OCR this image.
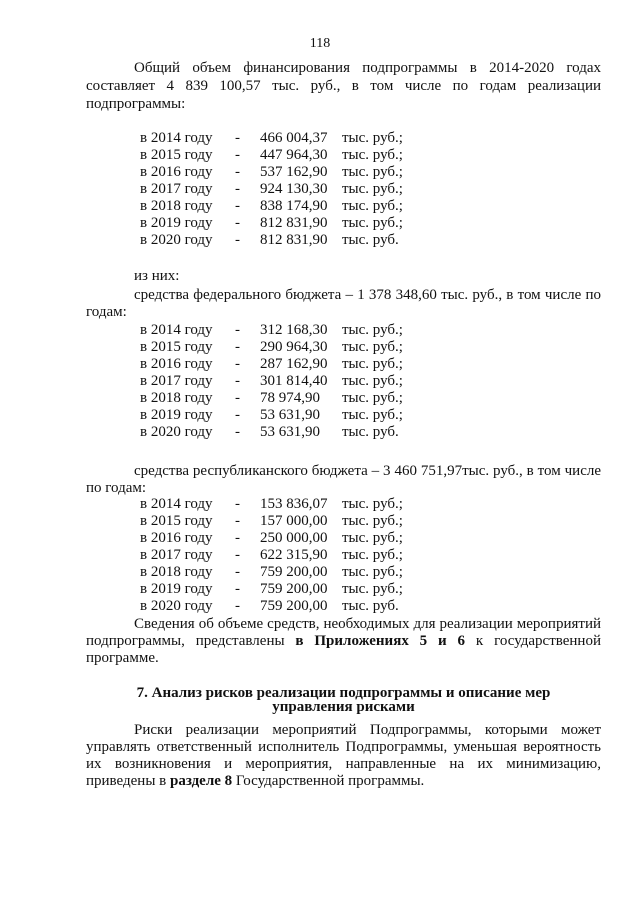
118
Общий объем финансирования подпрограммы в 2014-2020 годах
составляет 4 839 100,57 тыс. руб., в том числе по годам реализации
подпрограммы:
в 2014 году - 466 004,37 тыс. руб.;
в 2015 году - 447 964,30 тыс. руб.;
в 2016 году - 537 162,90 тыс. руб.;
в 2017 году - 924 130,30 тыс. руб.;
в 2018 году - 838 174,90 тыс. руб.;
в 2019 году - 812 831,90 тыс. руб.;
в 2020 году - 812 831,90 тыс. руб.
из них:
средства федерального бюджета – 1 378 348,60 тыс. руб., в том числе по
годам:
в 2014 году - 312 168,30 тыс. руб.;
в 2015 году - 290 964,30 тыс. руб.;
в 2016 году - 287 162,90 тыс. руб.;
в 2017 году - 301 814,40 тыс. руб.;
в 2018 году - 78 974,90 тыс. руб.;
в 2019 году - 53 631,90 тыс. руб.;
в 2020 году - 53 631,90 тыс. руб.
средства республиканского бюджета – 3 460 751,97тыс. руб., в том числе
по годам:
в 2014 году - 153 836,07 тыс. руб.;
в 2015 году - 157 000,00 тыс. руб.;
в 2016 году - 250 000,00 тыс. руб.;
в 2017 году - 622 315,90 тыс. руб.;
в 2018 году - 759 200,00 тыс. руб.;
в 2019 году - 759 200,00 тыс. руб.;
в 2020 году - 759 200,00 тыс. руб.

Сведения об объеме средств, необходимых для реализации мероприятий подпрограммы, представлены в Приложениях 5 и 6 к государственной программе.

7. Анализ рисков реализации подпрограммы и описание мер
управления рисками

Риски реализации мероприятий Подпрограммы, которыми может управлять ответственный исполнитель Подпрограммы, уменьшая вероятность их возникновения и мероприятия, направленные на их минимизацию, приведены в разделе 8 Государственной программы.
